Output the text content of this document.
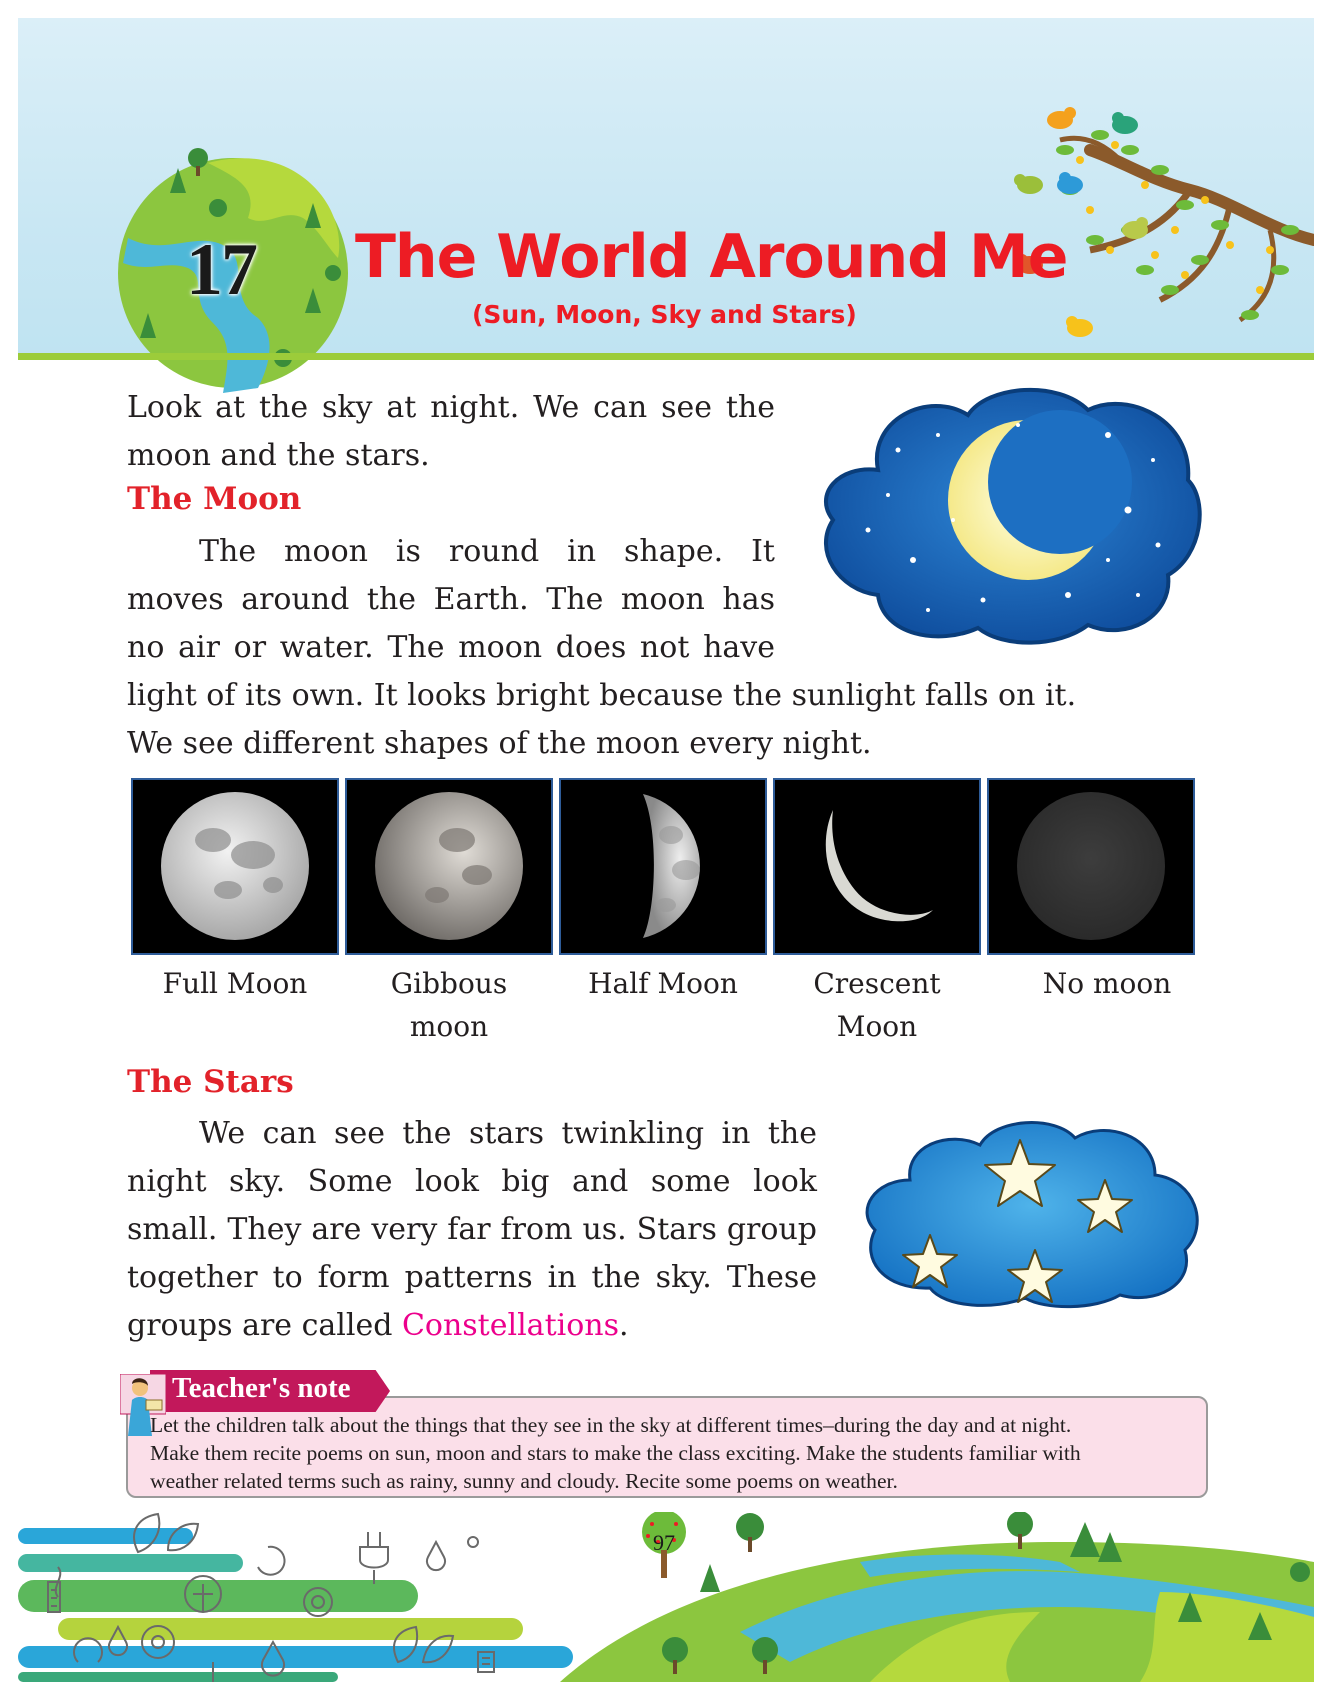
17 The World Around Me
(Sun, Moon, Sky and Stars)
Look at the sky at night. We can see the
moon and the stars.
The Moon
The moon is round in shape. It
moves around the Earth. The moon has
no air or water. The moon does not have
light of its own. It looks bright because the sunlight falls on it.
We see different shapes of the moon every night.
Full Moon	Gibbous
moon
Half Moon	Crescent
Moon
No moon
The Stars
We can see the stars twinkling in the
night sky. Some look big and some look
small. They are very far from us. Stars group
together to form patterns in the sky. These
groups are called Constellations.
Teacher's note
Let the children talk about the things that they see in the sky at different times–during the day and at night.
Make them recite poems on sun, moon and stars to make the class exciting. Make the students familiar with
weather related terms such as rainy, sunny and cloudy. Recite some poems on weather.
97
